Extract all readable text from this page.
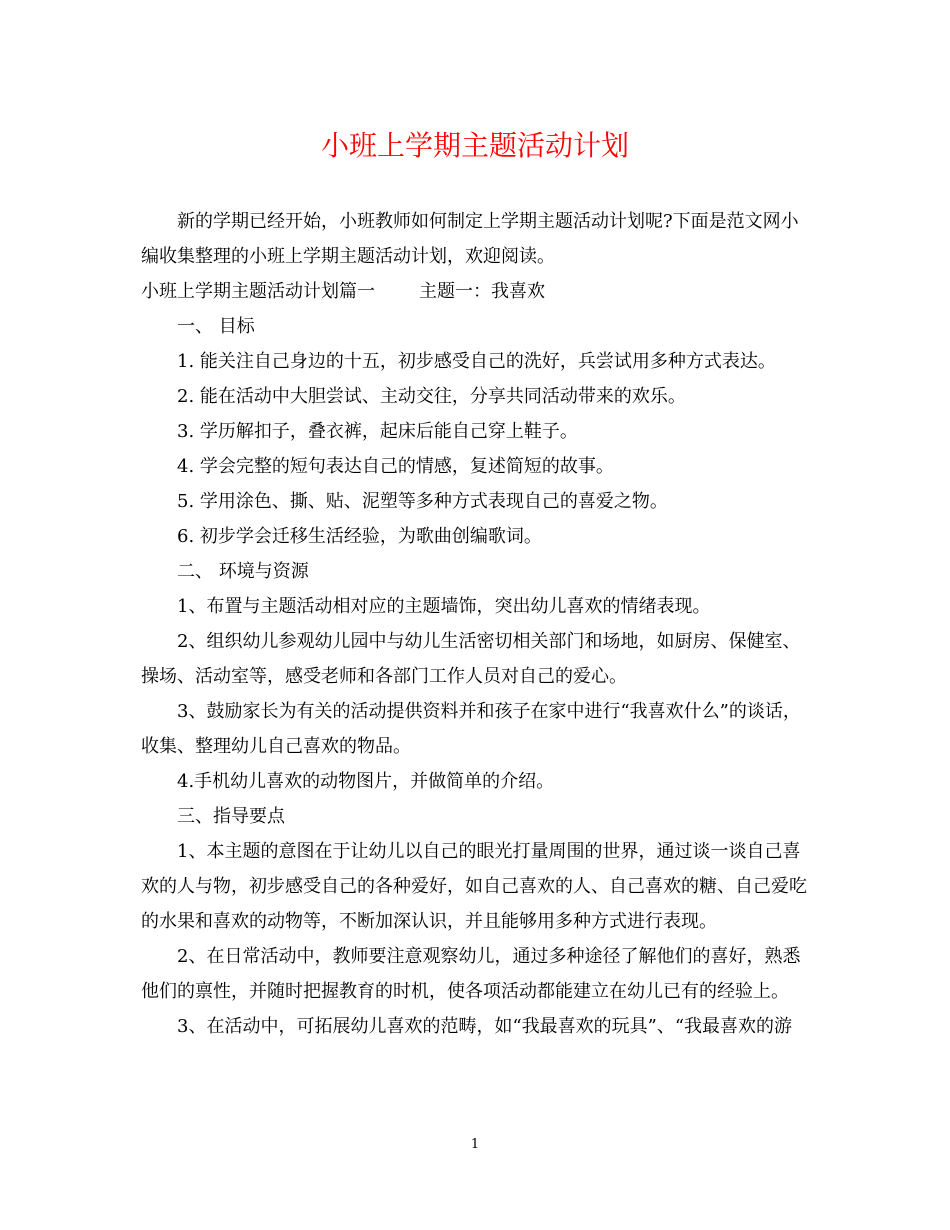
小班上学期主题活动计划

新的学期已经开始，小班教师如何制定上学期主题活动计划呢?下面是范文网小编收集整理的小班上学期主题活动计划，欢迎阅读。

小班上学期主题活动计划篇一 主题一：我喜欢

一、 目标

1. 能关注自己身边的十五，初步感受自己的洗好，兵尝试用多种方式表达。

2. 能在活动中大胆尝试、主动交往，分享共同活动带来的欢乐。

3. 学历解扣子，叠衣裤，起床后能自己穿上鞋子。

4. 学会完整的短句表达自己的情感，复述简短的故事。

5. 学用涂色、撕、贴、泥塑等多种方式表现自己的喜爱之物。

6. 初步学会迁移生活经验，为歌曲创编歌词。

二、 环境与资源

1、布置与主题活动相对应的主题墙饰，突出幼儿喜欢的情绪表现。

2、组织幼儿参观幼儿园中与幼儿生活密切相关部门和场地，如厨房、保健室、操场、活动室等，感受老师和各部门工作人员对自己的爱心。

3、鼓励家长为有关的活动提供资料并和孩子在家中进行“我喜欢什么”的谈话，收集、整理幼儿自己喜欢的物品。

4.手机幼儿喜欢的动物图片，并做简单的介绍。

三、指导要点

1、本主题的意图在于让幼儿以自己的眼光打量周围的世界，通过谈一谈自己喜欢的人与物，初步感受自己的各种爱好，如自己喜欢的人、自己喜欢的糖、自己爱吃的水果和喜欢的动物等，不断加深认识，并且能够用多种方式进行表现。

2、在日常活动中，教师要注意观察幼儿，通过多种途径了解他们的喜好，熟悉他们的禀性，并随时把握教育的时机，使各项活动都能建立在幼儿已有的经验上。

3、在活动中，可拓展幼儿喜欢的范畴，如“我最喜欢的玩具”、“我最喜欢的游

1
